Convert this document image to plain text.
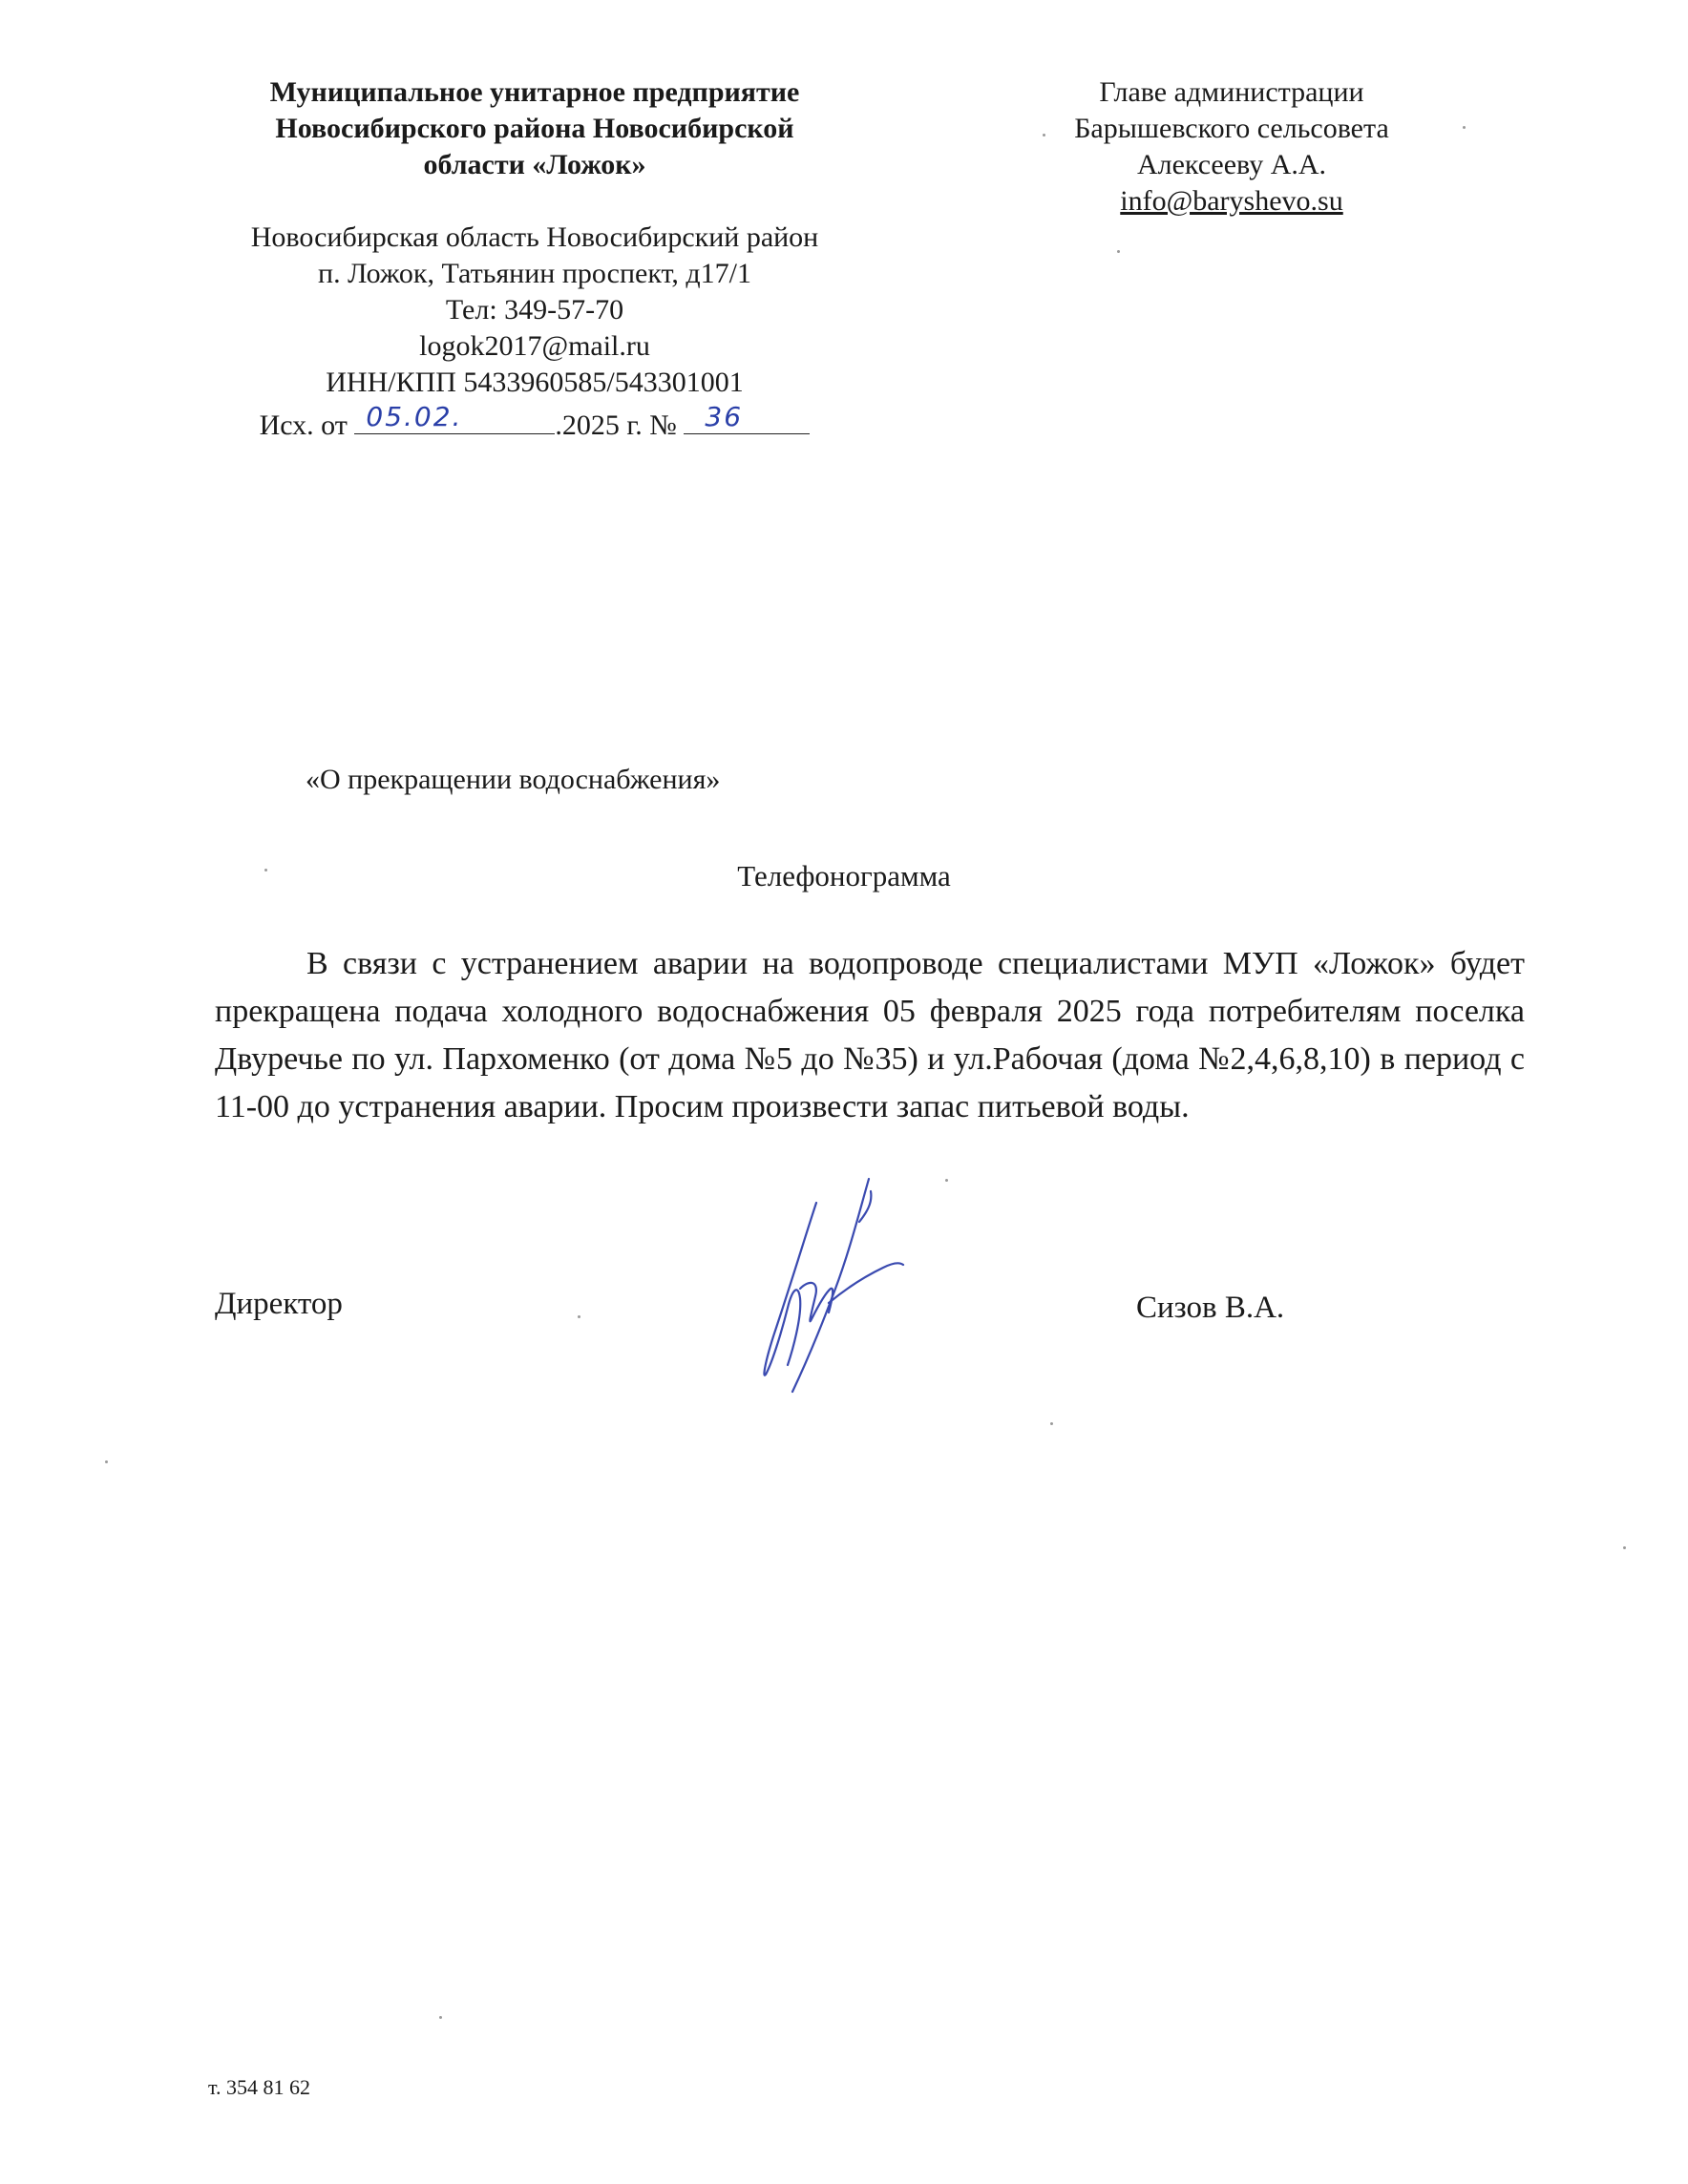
Муниципальное унитарное предприятие
Новосибирского района Новосибирской
области «Ложок»
Новосибирская область Новосибирский район
п. Ложок, Татьянин проспект, д17/1
Тел: 349-57-70
logok2017@mail.ru
ИНН/КПП 5433960585/543301001
Исх. от 05.02.	.2025 г. № 36
Главе администрации
Барышевского сельсовета
Алексееву А.А.
info@baryshevo.su
«О прекращении водоснабжения»
Телефонограмма
В связи с устранением аварии на водопроводе специалистами МУП «Ложок» будет прекращена подача холодного водоснабжения 05 февраля 2025 года потребителям поселка Двуречье по ул. Пархоменко (от дома №5 до №35) и ул.Рабочая (дома №2,4,6,8,10) в период с 11-00 до устранения аварии. Просим произвести запас питьевой воды.
Директор	Сизов В.А.
т. 354 81 62
